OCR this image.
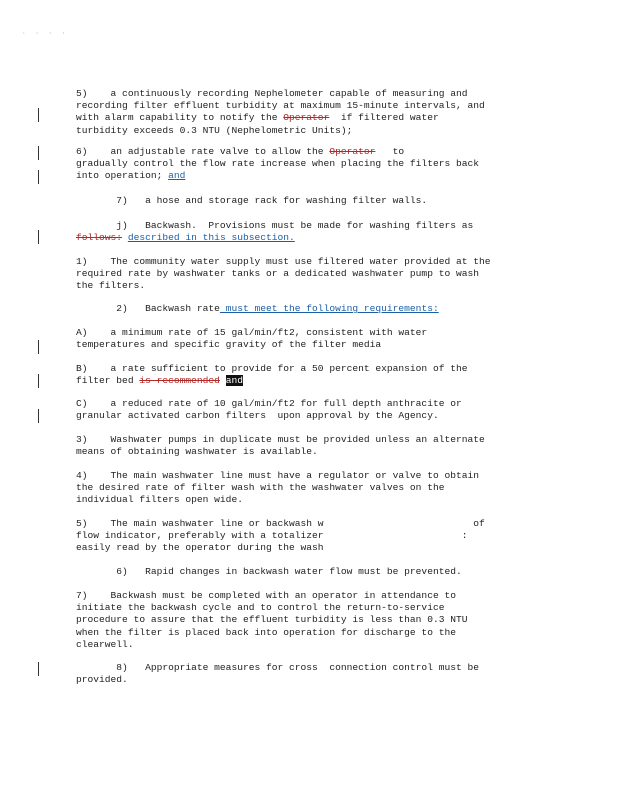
· · · ·
5)    a continuously recording Nephelometer capable of measuring and
recording filter effluent turbidity at maximum 15-minute intervals, and
with alarm capability to notify the Operator  if filtered water
turbidity exceeds 0.3 NTU (Nephelometric Units);
6)    an adjustable rate valve to allow the Operator   to
gradually control the flow rate increase when placing the filters back
into operation; and
7)   a hose and storage rack for washing filter walls.
j)   Backwash.  Provisions must be made for washing filters as
follows: described in this subsection.
1)    The community water supply must use filtered water provided at the
required rate by washwater tanks or a dedicated washwater pump to wash
the filters.
2)   Backwash rate must meet the following requirements:
A)    a minimum rate of 15 gal/min/ft2, consistent with water
temperatures and specific gravity of the filter media
B)    a rate sufficient to provide for a 50 percent expansion of the
filter bed is recommended and
C)    a reduced rate of 10 gal/min/ft2 for full depth anthracite or
granular activated carbon filters  upon approval by the Agency.
3)    Washwater pumps in duplicate must be provided unless an alternate
means of obtaining washwater is available.
4)    The main washwater line must have a regulator or valve to obtain
the desired rate of filter wash with the washwater valves on the
individual filters open wide.
5)    The main washwater line or backwash w                          of
flow indicator, preferably with a totalizer                        :
easily read by the operator during the wash
6)   Rapid changes in backwash water flow must be prevented.
7)    Backwash must be completed with an operator in attendance to
initiate the backwash cycle and to control the return-to-service
procedure to assure that the effluent turbidity is less than 0.3 NTU
when the filter is placed back into operation for discharge to the
clearwell.
8)   Appropriate measures for cross  connection control must be
provided.
